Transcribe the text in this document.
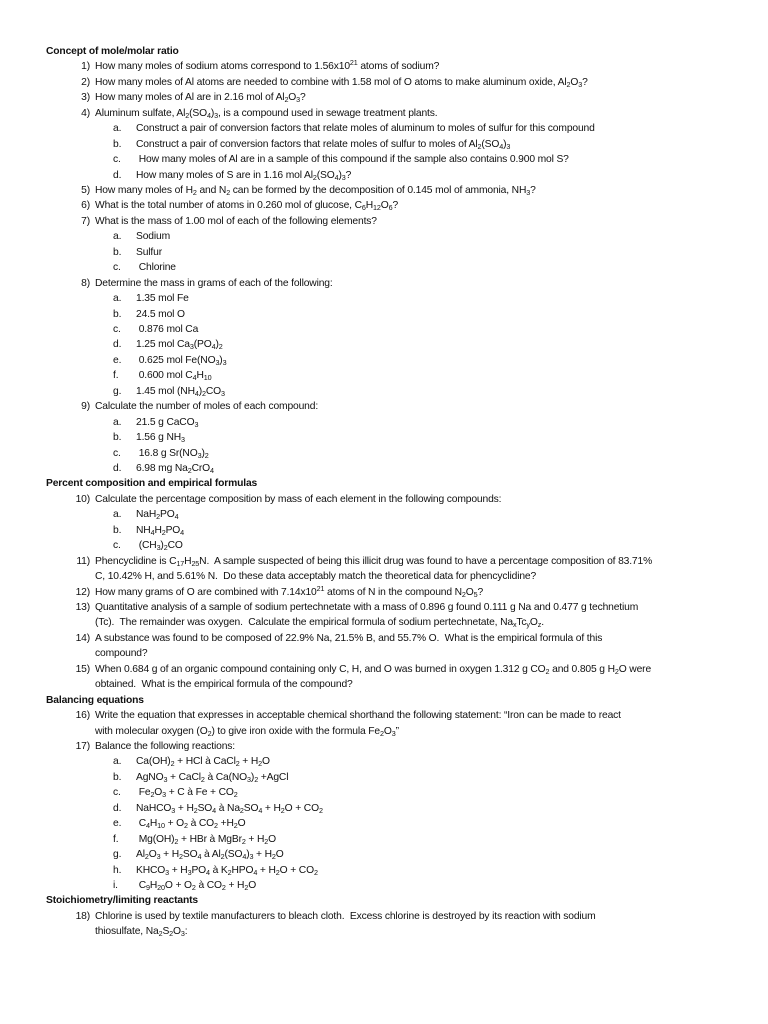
Concept of mole/molar ratio
1) How many moles of sodium atoms correspond to $1.56x10^{21}$ atoms of sodium?
2) How many moles of Al atoms are needed to combine with 1.58 mol of O atoms to make aluminum oxide, $Al_2O_3$?
3) How many moles of Al are in 2.16 mol of $Al_2O_3$?
4) Aluminum sulfate, $Al_2(SO_4)_3$, is a compound used in sewage treatment plants.
a. Construct a pair of conversion factors that relate moles of aluminum to moles of sulfur for this compound
b. Construct a pair of conversion factors that relate moles of sulfur to moles of $Al_2(SO_4)_3$
c. How many moles of Al are in a sample of this compound if the sample also contains 0.900 mol S?
d. How many moles of S are in 1.16 mol $Al_2(SO_4)_3$?
5) How many moles of $H_2$ and $N_2$ can be formed by the decomposition of 0.145 mol of ammonia, $NH_3$?
6) What is the total number of atoms in 0.260 mol of glucose, $C_6H_{12}O_6$?
7) What is the mass of 1.00 mol of each of the following elements?
a. Sodium
b. Sulfur
c. Chlorine
8) Determine the mass in grams of each of the following:
a. 1.35 mol Fe
b. 24.5 mol O
c. 0.876 mol Ca
d. 1.25 mol $Ca_3(PO_4)_2$
e. 0.625 mol $Fe(NO_3)_3$
f. 0.600 mol $C_4H_{10}$
g. 1.45 mol $(NH_4)_2CO_3$
9) Calculate the number of moles of each compound:
a. 21.5 g CaCO$_3$
b. 1.56 g $NH_3$
c. 16.8 g $Sr(NO_3)_2$
d. 6.98 mg $Na_2CrO_4$
Percent composition and empirical formulas
10) Calculate the percentage composition by mass of each element in the following compounds:
a. $NaH_2PO_4$
b. $NH_4H_2PO_4$
c. $(CH_3)_2CO$
11) Phencyclidine is $C_{17}H_{25}N$.  A sample suspected of being this illicit drug was found to have a percentage composition of 83.71%
C, 10.42% H, and 5.61% N.  Do these data acceptably match the theoretical data for phencyclidine?
12) How many grams of O are combined with $7.14x10^{21}$ atoms of N in the compound $N_2O_5$?
13) Quantitative analysis of a sample of sodium pertechnetate with a mass of 0.896 g found 0.111 g Na and 0.477 g technetium
(Tc).  The remainder was oxygen.  Calculate the empirical formula of sodium pertechnetate, $Na_xTc_yO_z$.
14) A substance was found to be composed of 22.9% Na, 21.5% B, and 55.7% O.  What is the empirical formula of this
compound?
15) When 0.684 g of an organic compound containing only C, H, and O was burned in oxygen 1.312 g $CO_2$ and 0.805 g $H_2O$ were
obtained.  What is the empirical formula of the compound?
Balancing equations
16) Write the equation that expresses in acceptable chemical shorthand the following statement: “Iron can be made to react
with molecular oxygen $(O_2)$ to give iron oxide with the formula $Fe_2O_3$”
17) Balance the following reactions:
a. $Ca(OH)_2$ + HCl à CaCl$_2$ + $H_2O$
b. AgNO$_3$ + CaCl$_2$ à $Ca(NO_3)_2$ +AgCl
c. $Fe_2O_3 + C$ à $Fe + CO_2$
d. NaHCO$_3$ + $H_2SO_4$ à $Na_2SO_4 + H_2O + CO_2$
e. $C_4H_{10} + O_2$ à $CO_2 +H_2O$
f. $Mg(OH)_2$ + HBr à MgBr$_2$ + $H_2O$
g. $Al_2O_3 + H_2SO_4$ à $Al_2(SO_4)_3 + H_2O$
h. $KHCO_3 + H_3PO_4$ à $K_2HPO_4 + H_2O + CO_2$
i. $C_9H_{20}O + O_2$ à $CO_2 + H_2O$
Stoichiometry/limiting reactants
18) Chlorine is used by textile manufacturers to bleach cloth.  Excess chlorine is destroyed by its reaction with sodium
thiosulfate, $Na_2S_2O_3$:
